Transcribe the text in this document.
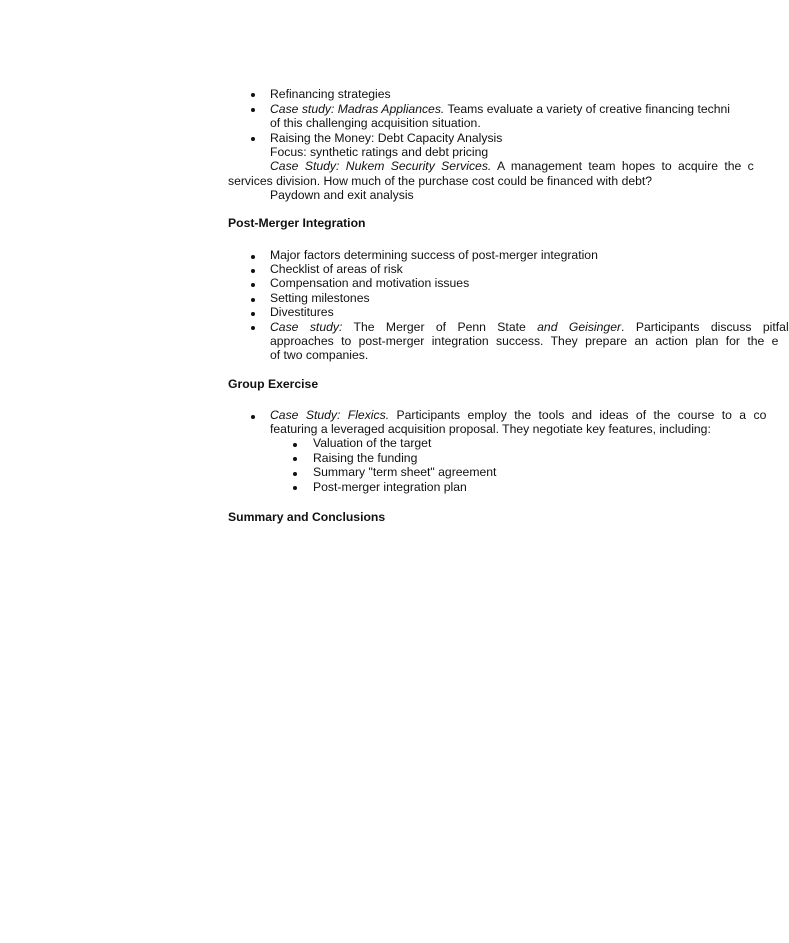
Refinancing strategies
Case study: Madras Appliances. Teams evaluate a variety of creative financing techni
of this challenging acquisition situation.
Raising the Money: Debt Capacity Analysis
Focus: synthetic ratings and debt pricing
Case Study: Nukem Security Services. A management team hopes to acquire the c
services division. How much of the purchase cost could be financed with debt?
Paydown and exit analysis
Post-Merger Integration
Major factors determining success of post-merger integration
Checklist of areas of risk
Compensation and motivation issues
Setting milestones
Divestitures
Case study: The Merger of Penn State and Geisinger. Participants discuss pitfal
approaches to post-merger integration success. They prepare an action plan for the e
of two companies.
Group Exercise
Case Study: Flexics. Participants employ the tools and ideas of the course to a co
featuring a leveraged acquisition proposal. They negotiate key features, including:
Valuation of the target
Raising the funding
Summary "term sheet" agreement
Post-merger integration plan
Summary and Conclusions
